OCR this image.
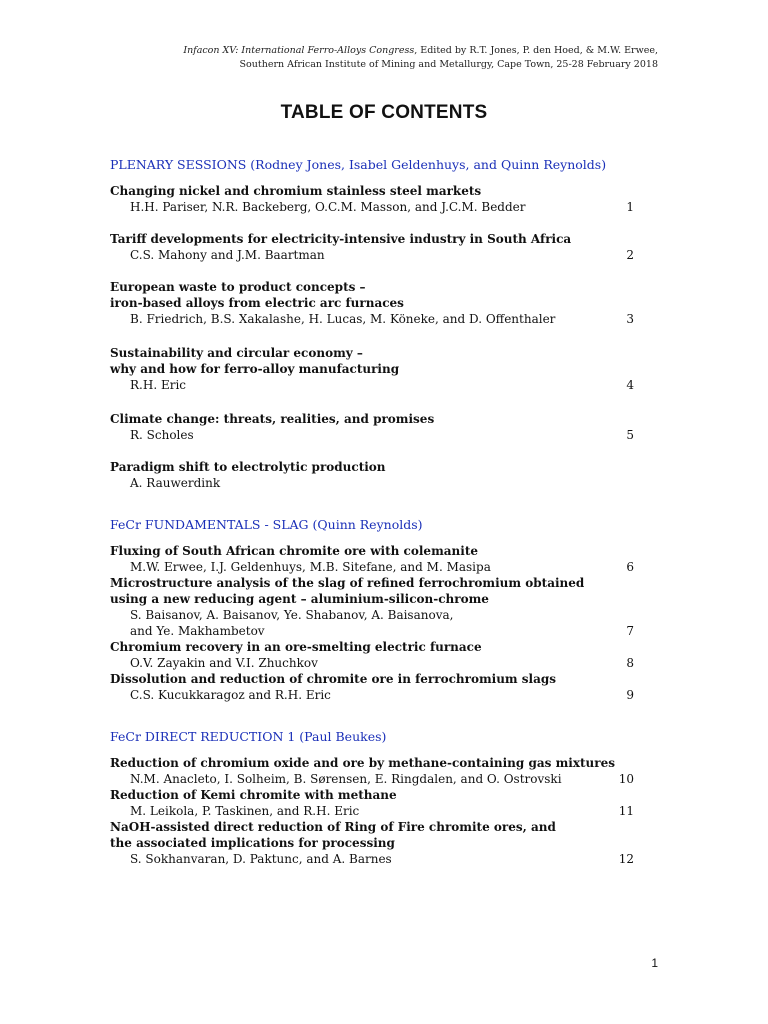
Infacon XV: International Ferro-Alloys Congress, Edited by R.T. Jones, P. den Hoed, & M.W. Erwee,
Southern African Institute of Mining and Metallurgy, Cape Town, 25-28 February 2018
TABLE OF CONTENTS
PLENARY SESSIONS (Rodney Jones, Isabel Geldenhuys, and Quinn Reynolds)
Changing nickel and chromium stainless steel markets
H.H. Pariser, N.R. Backeberg, O.C.M. Masson, and J.C.M. Bedder	1
Tariff developments for electricity-intensive industry in South Africa
C.S. Mahony and J.M. Baartman	2
European waste to product concepts –
iron-based alloys from electric arc furnaces
B. Friedrich, B.S. Xakalashe, H. Lucas, M. Köneke, and D. Offenthaler	3
Sustainability and circular economy –
why and how for ferro-alloy manufacturing
R.H. Eric	4
Climate change: threats, realities, and promises
R. Scholes	5
Paradigm shift to electrolytic production
A. Rauwerdink
FeCr FUNDAMENTALS - SLAG (Quinn Reynolds)
Fluxing of South African chromite ore with colemanite
M.W. Erwee, I.J. Geldenhuys, M.B. Sitefane, and M. Masipa	6
Microstructure analysis of the slag of refined ferrochromium obtained
using a new reducing agent – aluminium-silicon-chrome
S. Baisanov, A. Baisanov, Ye. Shabanov, A. Baisanova,
and Ye. Makhambetov	7
Chromium recovery in an ore-smelting electric furnace
O.V. Zayakin and V.I. Zhuchkov	8
Dissolution and reduction of chromite ore in ferrochromium slags
C.S. Kucukkaragoz and R.H. Eric	9
FeCr DIRECT REDUCTION 1 (Paul Beukes)
Reduction of chromium oxide and ore by methane-containing gas mixtures
N.M. Anacleto, I. Solheim, B. Sørensen, E. Ringdalen, and O. Ostrovski	10
Reduction of Kemi chromite with methane
M. Leikola, P. Taskinen, and R.H. Eric	11
NaOH-assisted direct reduction of Ring of Fire chromite ores, and
the associated implications for processing
S. Sokhanvaran, D. Paktunc, and A. Barnes	12
1
